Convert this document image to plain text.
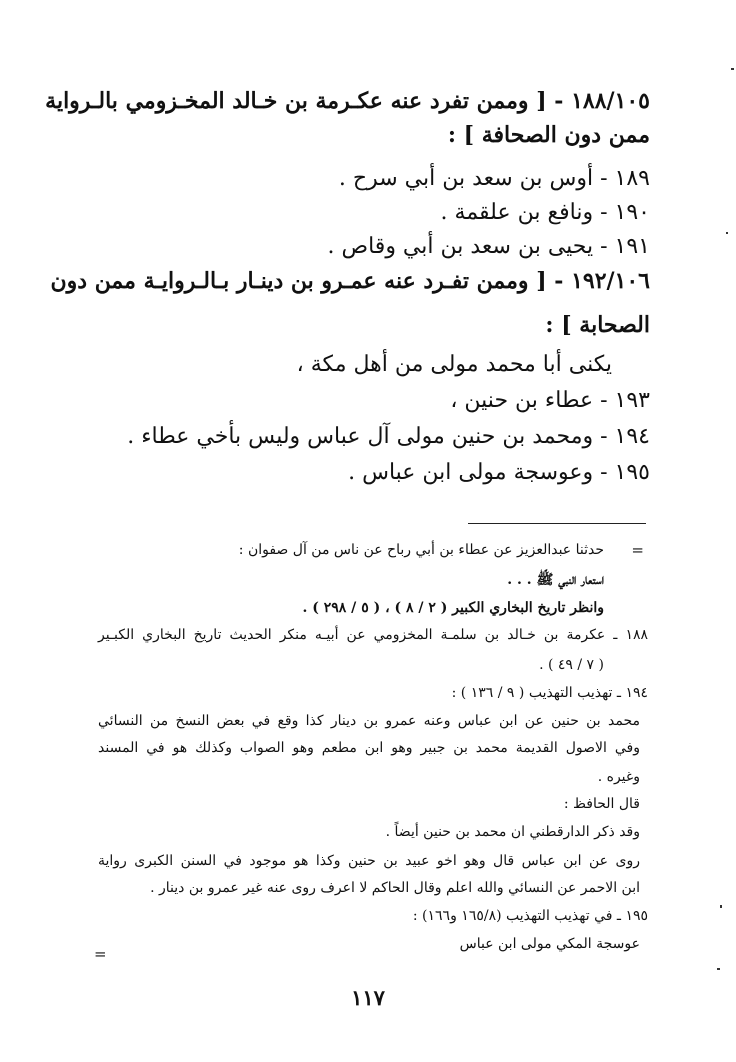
١٨٨/١٠٥ - [ وممن تفرد عنه عكـرمة بن خـالد المخـزومي بالـرواية
ممن دون الصحافة ] :
١٨٩ - أوس بن سعد بن أبي سرح .
١٩٠ - ونافع بن علقمة .
١٩١ - يحيى بن سعد بن أبي وقاص .
١٩٢/١٠٦ - [ وممن تفـرد عنه عمـرو بن دينـار بـالـروايـة ممن دون
الصحابة ] :
يكنى أبا محمد مولى من أهل مكة ،
١٩٣ - عطاء بن حنين ،
١٩٤ - ومحمد بن حنين مولى آل عباس وليس بأخي عطاء .
١٩٥ - وعوسجة مولى ابن عباس .
=
حدثنا عبدالعزيز عن عطاء بن أبي رباح عن ناس من آل صفوان :
استعار النبي ﷺ . . .
وانظر تاريخ البخاري الكبير ( ٢ / ٨ ) ، ( ٥ / ٢٩٨ ) .
١٨٨ ـ عكرمة بن خـالد بن سلمـة المخزومي عن أبيـه منكر الحديث تاريخ البخاري الكبـير
( ٧ / ٤٩ ) .
١٩٤ ـ تهذيب التهذيب ( ٩ / ١٣٦ ) :
محمد بن حنين عن ابن عباس وعنه عمرو بن دينار كذا وقع في بعض النسخ من النسائي
وفي الاصول القديمة محمد بن جبير وهو ابن مطعم وهو الصواب وكذلك هو في المسند
وغيره .
قال الحافظ :
وقد ذكر الدارقطني ان محمد بن حنين أيضاً .
روى عن ابن عباس قال وهو اخو عبيد بن حنين وكذا هو موجود في السنن الكبرى رواية
ابن الاحمر عن النسائي والله اعلم وقال الحاكم لا اعرف روى عنه غير عمرو بن دينار .
١٩٥ ـ في تهذيب التهذيب (١٦٥/٨ و١٦٦) :
عوسجة المكي مولى ابن عباس
=
١١٧
